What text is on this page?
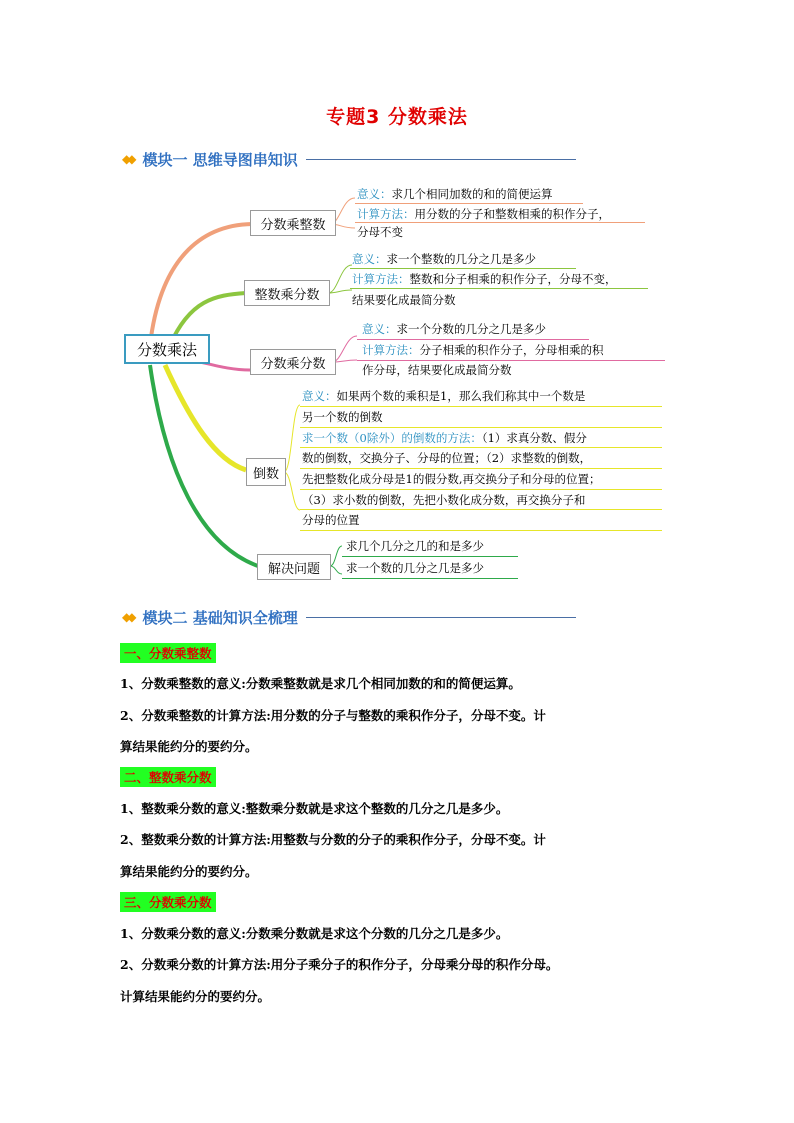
专题3 分数乘法
◆◆ 模块一 思维导图串知识
分数乘法
分数乘整数
整数乘分数
分数乘分数
倒数
解决问题
意义：求几个相同加数的和的简便运算
计算方法：用分数的分子和整数相乘的积作分子，
分母不变
意义：求一个整数的几分之几是多少
计算方法：整数和分子相乘的积作分子，分母不变，
结果要化成最简分数
意义：求一个分数的几分之几是多少
计算方法：分子相乘的积作分子，分母相乘的积
作分母，结果要化成最简分数
意义：如果两个数的乘积是1，那么我们称其中一个数是
另一个数的倒数
求一个数（0除外）的倒数的方法：（1）求真分数、假分
数的倒数，交换分子、分母的位置；（2）求整数的倒数，
先把整数化成分母是1的假分数,再交换分子和分母的位置；
（3）求小数的倒数，先把小数化成分数，再交换分子和
分母的位置
求几个几分之几的和是多少
求一个数的几分之几是多少
◆◆ 模块二 基础知识全梳理
一、分数乘整数
1、分数乘整数的意义:分数乘整数就是求几个相同加数的和的简便运算。
2、分数乘整数的计算方法:用分数的分子与整数的乘积作分子，分母不变。计
算结果能约分的要约分。
二、整数乘分数
1、整数乘分数的意义:整数乘分数就是求这个整数的几分之几是多少。
2、整数乘分数的计算方法:用整数与分数的分子的乘积作分子，分母不变。计
算结果能约分的要约分。
三、分数乘分数
1、分数乘分数的意义:分数乘分数就是求这个分数的几分之几是多少。
2、分数乘分数的计算方法:用分子乘分子的积作分子，分母乘分母的积作分母。
计算结果能约分的要约分。
